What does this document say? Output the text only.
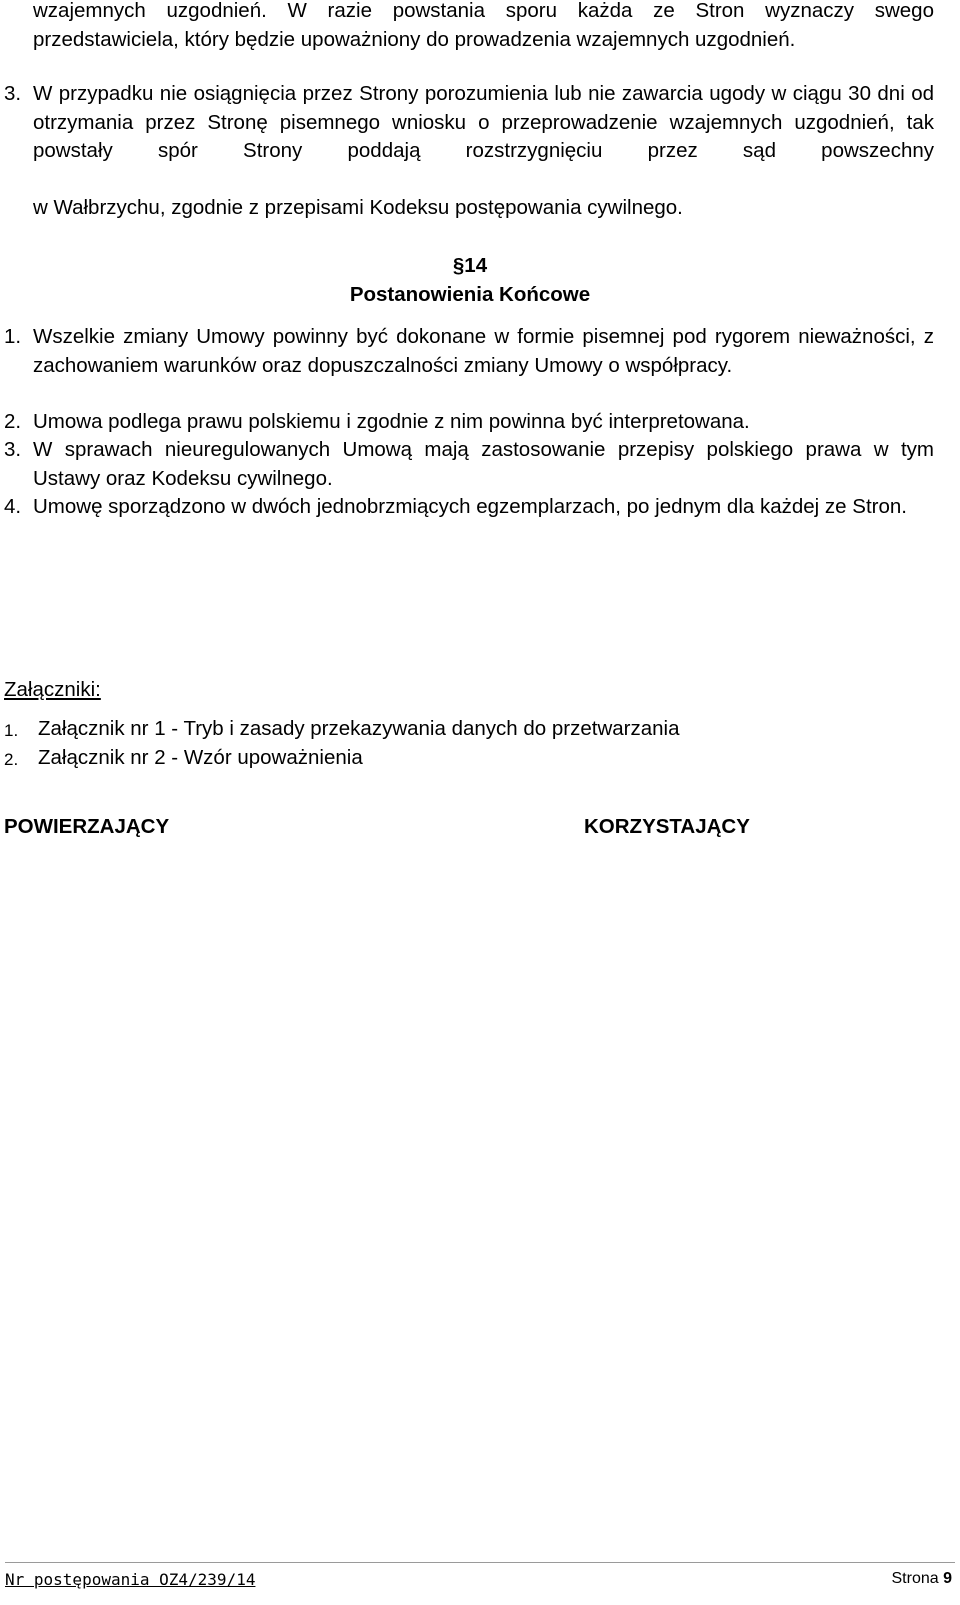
wzajemnych uzgodnień. W razie powstania sporu każda ze Stron wyznaczy swego przedstawiciela, który będzie upoważniony do prowadzenia wzajemnych uzgodnień.
3. W przypadku nie osiągnięcia przez Strony porozumienia lub nie zawarcia ugody w ciągu 30 dni od otrzymania przez Stronę pisemnego wniosku o przeprowadzenie wzajemnych uzgodnień, tak powstały spór Strony poddają rozstrzygnięciu przez sąd powszechny
w Wałbrzychu, zgodnie z przepisami Kodeksu postępowania cywilnego.
§14
Postanowienia Końcowe
1. Wszelkie zmiany Umowy powinny być dokonane w formie pisemnej pod rygorem nieważności, z zachowaniem warunków oraz dopuszczalności zmiany Umowy o współpracy.
2. Umowa podlega prawu polskiemu i zgodnie z nim powinna być interpretowana.
3. W sprawach nieuregulowanych Umową mają zastosowanie przepisy polskiego prawa w tym Ustawy oraz Kodeksu cywilnego.
4. Umowę sporządzono w dwóch jednobrzmiących egzemplarzach, po jednym dla każdej ze Stron.
Załączniki:
1. Załącznik nr 1 - Tryb i zasady przekazywania danych do przetwarzania
2. Załącznik nr 2 - Wzór upoważnienia
POWIERZAJĄCY	KORZYSTAJĄCY
Nr postępowania OZ4/239/14	Strona 9
